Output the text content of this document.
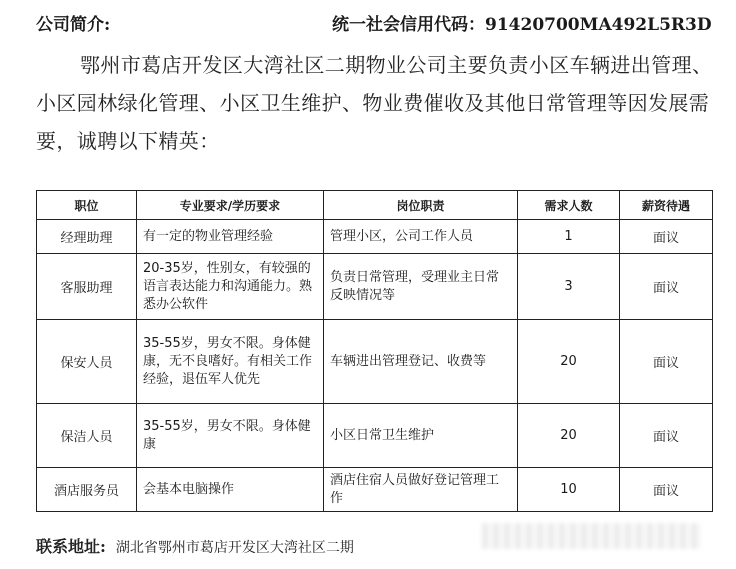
公司简介:	统一社会信用代码：91420700MA492L5R3D
鄂州市葛店开发区大湾社区二期物业公司主要负责小区车辆进出管理、小区园林绿化管理、小区卫生维护、物业费催收及其他日常管理等因发展需要，诚聘以下精英：
职位	专业要求/学历要求	岗位职责	需求人数	薪资待遇
经理助理	有一定的物业管理经验	管理小区，公司工作人员	1	面议
客服助理	20-35岁，性别女，有较强的语言表达能力和沟通能力。熟悉办公软件	负责日常管理，受理业主日常反映情况等	3	面议
保安人员	35-55岁，男女不限。身体健康，无不良嗜好。有相关工作经验，退伍军人优先	车辆进出管理登记、收费等	20	面议
保洁人员	35-55岁，男女不限。身体健康	小区日常卫生维护	20	面议
酒店服务员	会基本电脑操作	酒店住宿人员做好登记管理工作	10	面议
联系地址: 湖北省鄂州市葛店开发区大湾社区二期
